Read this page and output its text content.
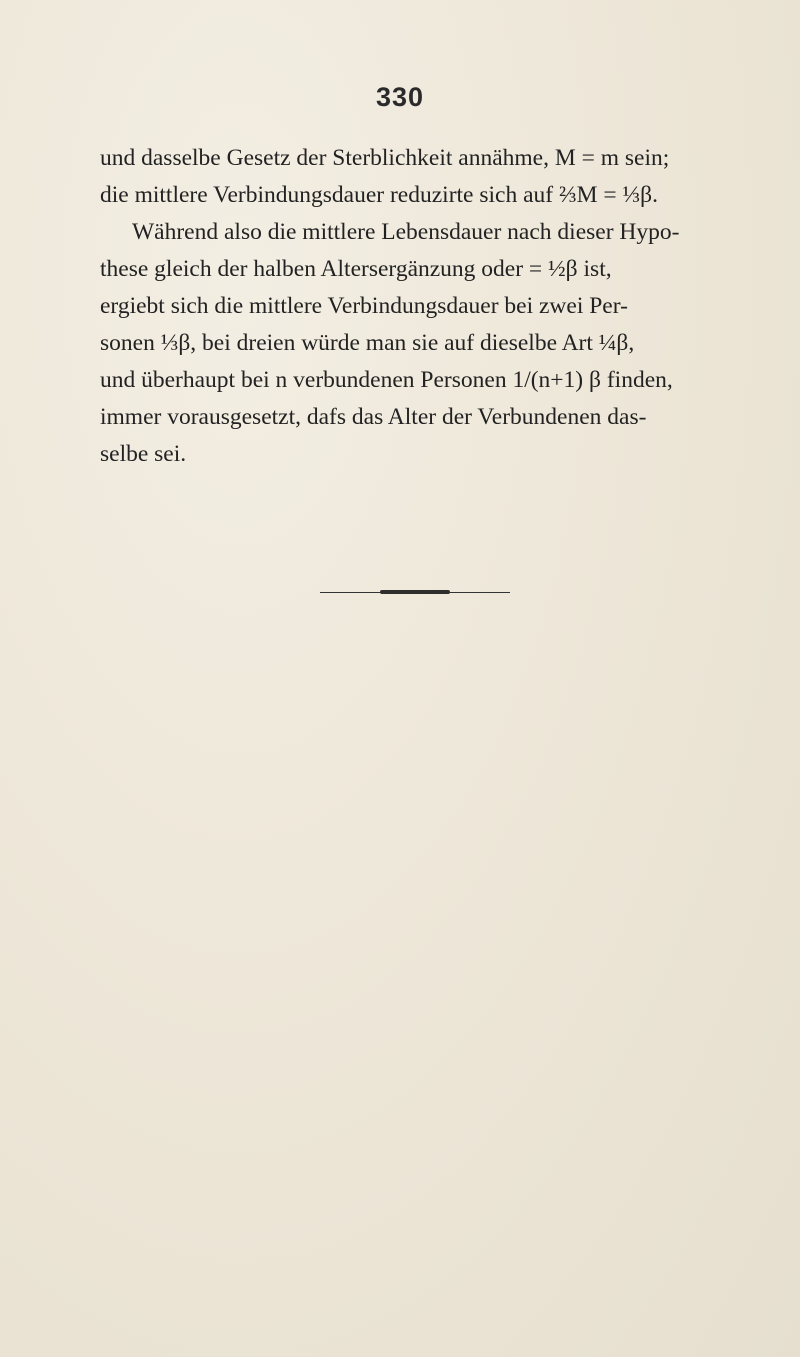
330
und dasselbe Gesetz der Sterblichkeit annähme, M = m sein;
die mittlere Verbindungsdauer reduzirte sich auf ⅔M = ⅓β.
Während also die mittlere Lebensdauer nach dieser Hypo-
these gleich der halben Altersergänzung oder = ½β ist,
ergiebt sich die mittlere Verbindungsdauer bei zwei Per-
sonen ⅓β, bei dreien würde man sie auf dieselbe Art ¼β,
und überhaupt bei n verbundenen Personen 1/(n+1) β finden,
immer vorausgesetzt, dafs das Alter der Verbundenen das-
selbe sei.
